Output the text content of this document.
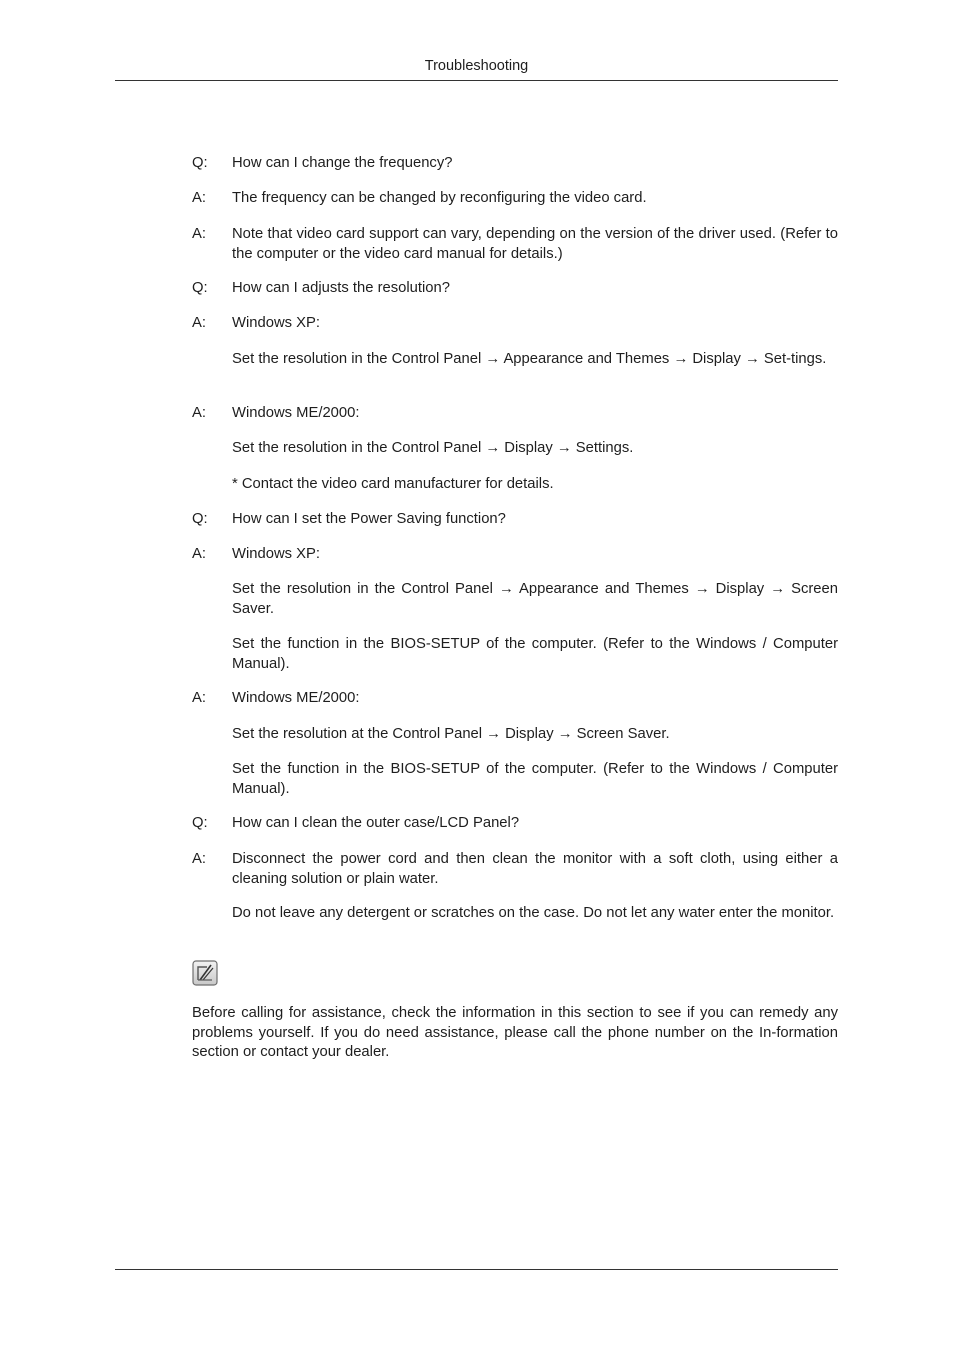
Troubleshooting
Q:	How can I change the frequency?
A:	The frequency can be changed by reconfiguring the video card.
A:	Note that video card support can vary, depending on the version of the driver used. (Refer to the computer or the video card manual for details.)
Q:	How can I adjusts the resolution?
A:	Windows XP:
Set the resolution in the Control Panel → Appearance and Themes → Display → Set-tings.
A:	Windows ME/2000:
Set the resolution in the Control Panel → Display → Settings.
* Contact the video card manufacturer for details.
Q:	How can I set the Power Saving function?
A:	Windows XP:
Set the resolution in the Control Panel → Appearance and Themes → Display → Screen Saver.
Set the function in the BIOS-SETUP of the computer. (Refer to the Windows / Computer Manual).
A:	Windows ME/2000:
Set the resolution at the Control Panel → Display → Screen Saver.
Set the function in the BIOS-SETUP of the computer. (Refer to the Windows / Computer Manual).
Q:	How can I clean the outer case/LCD Panel?
A:	Disconnect the power cord and then clean the monitor with a soft cloth, using either a cleaning solution or plain water.
Do not leave any detergent or scratches on the case. Do not let any water enter the monitor.
Before calling for assistance, check the information in this section to see if you can remedy any problems yourself. If you do need assistance, please call the phone number on the In-formation section or contact your dealer.
